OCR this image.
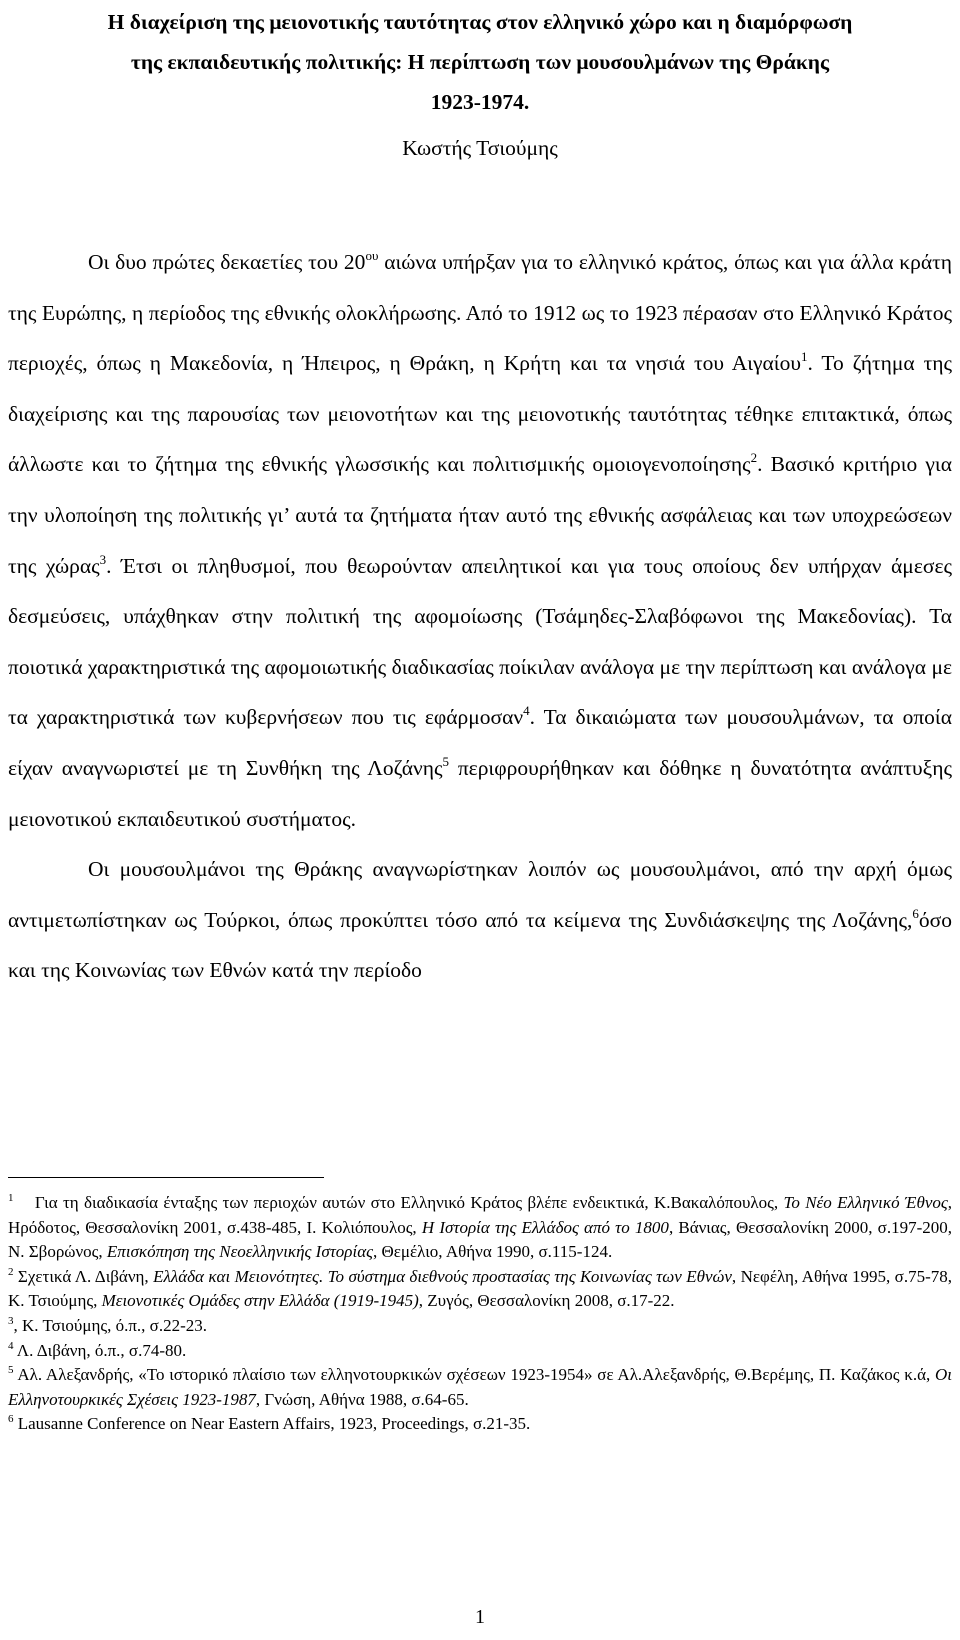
Η διαχείριση της μειονοτικής ταυτότητας στον ελληνικό χώρο και η διαμόρφωση
της εκπαιδευτικής πολιτικής: Η περίπτωση των μουσουλμάνων της Θράκης
1923-1974.
Κωστής Τσιούμης

Οι δυο πρώτες δεκαετίες του $20^{o\upsilon}$ αιώνα υπήρξαν για το ελληνικό κράτος, όπως και για άλλα κράτη της Ευρώπης, η περίοδος της εθνικής ολοκλήρωσης. Από το 1912 ως το 1923 πέρασαν στο Ελληνικό Κράτος περιοχές, όπως η Μακεδονία, η Ήπειρος, η Θράκη, η Κρήτη και τα νησιά του Αιγαίου$^1$. Το ζήτημα της διαχείρισης και της παρουσίας των μειονοτήτων και της μειονοτικής ταυτότητας τέθηκε επιτακτικά, όπως άλλωστε και το ζήτημα της εθνικής γλωσσικής και πολιτισμικής ομοιογενοποίησης$^2$. Βασικό κριτήριο για την υλοποίηση της πολιτικής γι’ αυτά τα ζητήματα ήταν αυτό της εθνικής ασφάλειας και των υποχρεώσεων της χώρας$^3$. Έτσι οι πληθυσμοί, που θεωρούνταν απειλητικοί και για τους οποίους δεν υπήρχαν άμεσες δεσμεύσεις, υπάχθηκαν στην πολιτική της αφομοίωσης (Τσάμηδες-Σλαβόφωνοι της Μακεδονίας). Τα ποιοτικά χαρακτηριστικά της αφομοιωτικής διαδικασίας ποίκιλαν ανάλογα με την περίπτωση και ανάλογα με τα χαρακτηριστικά των κυβερνήσεων που τις εφάρμοσαν$^4$. Τα δικαιώματα των μουσουλμάνων, τα οποία είχαν αναγνωριστεί με τη Συνθήκη της Λοζάνης$^5$ περιφρουρήθηκαν και δόθηκε η δυνατότητα ανάπτυξης μειονοτικού εκπαιδευτικού συστήματος.

Οι μουσουλμάνοι της Θράκης αναγνωρίστηκαν λοιπόν ως μουσουλμάνοι, από την αρχή όμως αντιμετωπίστηκαν ως Τούρκοι, όπως προκύπτει τόσο από τα κείμενα της Συνδιάσκεψης της Λοζάνης,$^6$όσο και της Κοινωνίας των Εθνών κατά την περίοδο

$^1$ Για τη διαδικασία ένταξης των περιοχών αυτών στο Ελληνικό Κράτος βλέπε ενδεικτικά, Κ.Βακαλόπουλος, Το Νέο Ελληνικό Έθνος, Ηρόδοτος, Θεσσαλονίκη 2001, σ.438-485, Ι. Κολιόπουλος, Η Ιστορία της Ελλάδος από το 1800, Βάνιας, Θεσσαλονίκη 2000, σ.197-200, Ν. Σβορώνος, Επισκόπηση της Νεοελληνικής Ιστορίας, Θεμέλιο, Αθήνα 1990, σ.115-124.

$^2$ Σχετικά Λ. Διβάνη, Ελλάδα και Μειονότητες. Το σύστημα διεθνούς προστασίας της Κοινωνίας των Εθνών, Νεφέλη, Αθήνα 1995, σ.75-78, Κ. Τσιούμης, Μειονοτικές Ομάδες στην Ελλάδα (1919-1945), Ζυγός, Θεσσαλονίκη 2008, σ.17-22.

$^3$, Κ. Τσιούμης, ό.π., σ.22-23.

$^4$ Λ. Διβάνη, ό.π., σ.74-80.

$^5$ Αλ. Αλεξανδρής, «Το ιστορικό πλαίσιο των ελληνοτουρκικών σχέσεων 1923-1954» σε Αλ.Αλεξανδρής, Θ.Βερέμης, Π. Καζάκος κ.ά, Οι Ελληνοτουρκικές Σχέσεις 1923-1987, Γνώση, Αθήνα 1988, σ.64-65.

$^6$ Lausanne Conference on Near Eastern Affairs, 1923, Proceedings, σ.21-35.

1
